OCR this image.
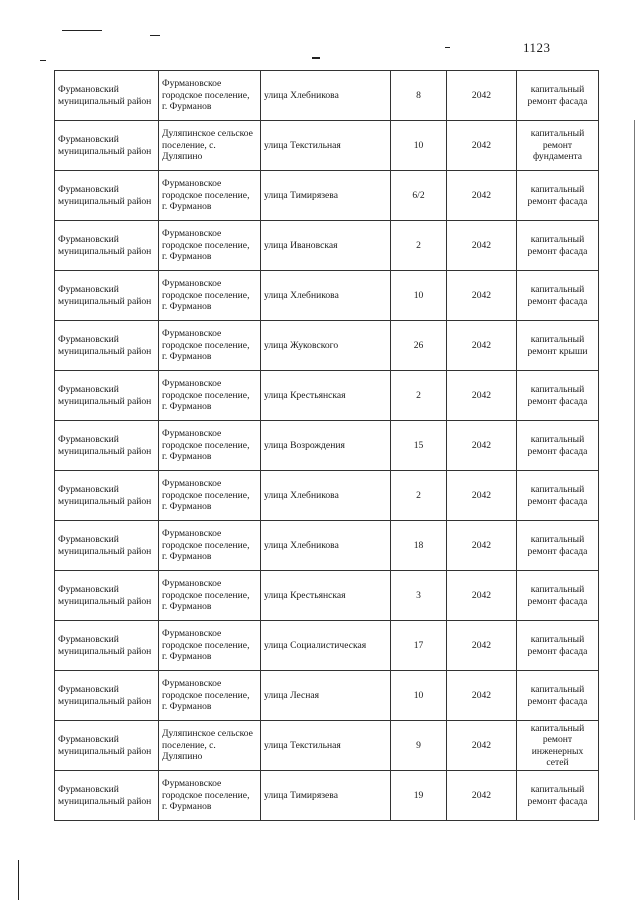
1123
Фурмановский муниципальный район	Фурмановское городское поселение, г. Фурманов	улица Хлебникова	8	2042	капитальный ремонт фасада
Фурмановский муниципальный район	Дуляпинское сельское поселение, с. Дуляпино	улица Текстильная	10	2042	капитальный ремонт фундамента
Фурмановский муниципальный район	Фурмановское городское поселение, г. Фурманов	улица Тимирязева	6/2	2042	капитальный ремонт фасада
Фурмановский муниципальный район	Фурмановское городское поселение, г. Фурманов	улица Ивановская	2	2042	капитальный ремонт фасада
Фурмановский муниципальный район	Фурмановское городское поселение, г. Фурманов	улица Хлебникова	10	2042	капитальный ремонт фасада
Фурмановский муниципальный район	Фурмановское городское поселение, г. Фурманов	улица Жуковского	26	2042	капитальный ремонт крыши
Фурмановский муниципальный район	Фурмановское городское поселение, г. Фурманов	улица Крестьянская	2	2042	капитальный ремонт фасада
Фурмановский муниципальный район	Фурмановское городское поселение, г. Фурманов	улица Возрождения	15	2042	капитальный ремонт фасада
Фурмановский муниципальный район	Фурмановское городское поселение, г. Фурманов	улица Хлебникова	2	2042	капитальный ремонт фасада
Фурмановский муниципальный район	Фурмановское городское поселение, г. Фурманов	улица Хлебникова	18	2042	капитальный ремонт фасада
Фурмановский муниципальный район	Фурмановское городское поселение, г. Фурманов	улица Крестьянская	3	2042	капитальный ремонт фасада
Фурмановский муниципальный район	Фурмановское городское поселение, г. Фурманов	улица Социалистическая	17	2042	капитальный ремонт фасада
Фурмановский муниципальный район	Фурмановское городское поселение, г. Фурманов	улица Лесная	10	2042	капитальный ремонт фасада
Фурмановский муниципальный район	Дуляпинское сельское поселение, с. Дуляпино	улица Текстильная	9	2042	капитальный ремонт инженерных сетей
Фурмановский муниципальный район	Фурмановское городское поселение, г. Фурманов	улица Тимирязева	19	2042	капитальный ремонт фасада
